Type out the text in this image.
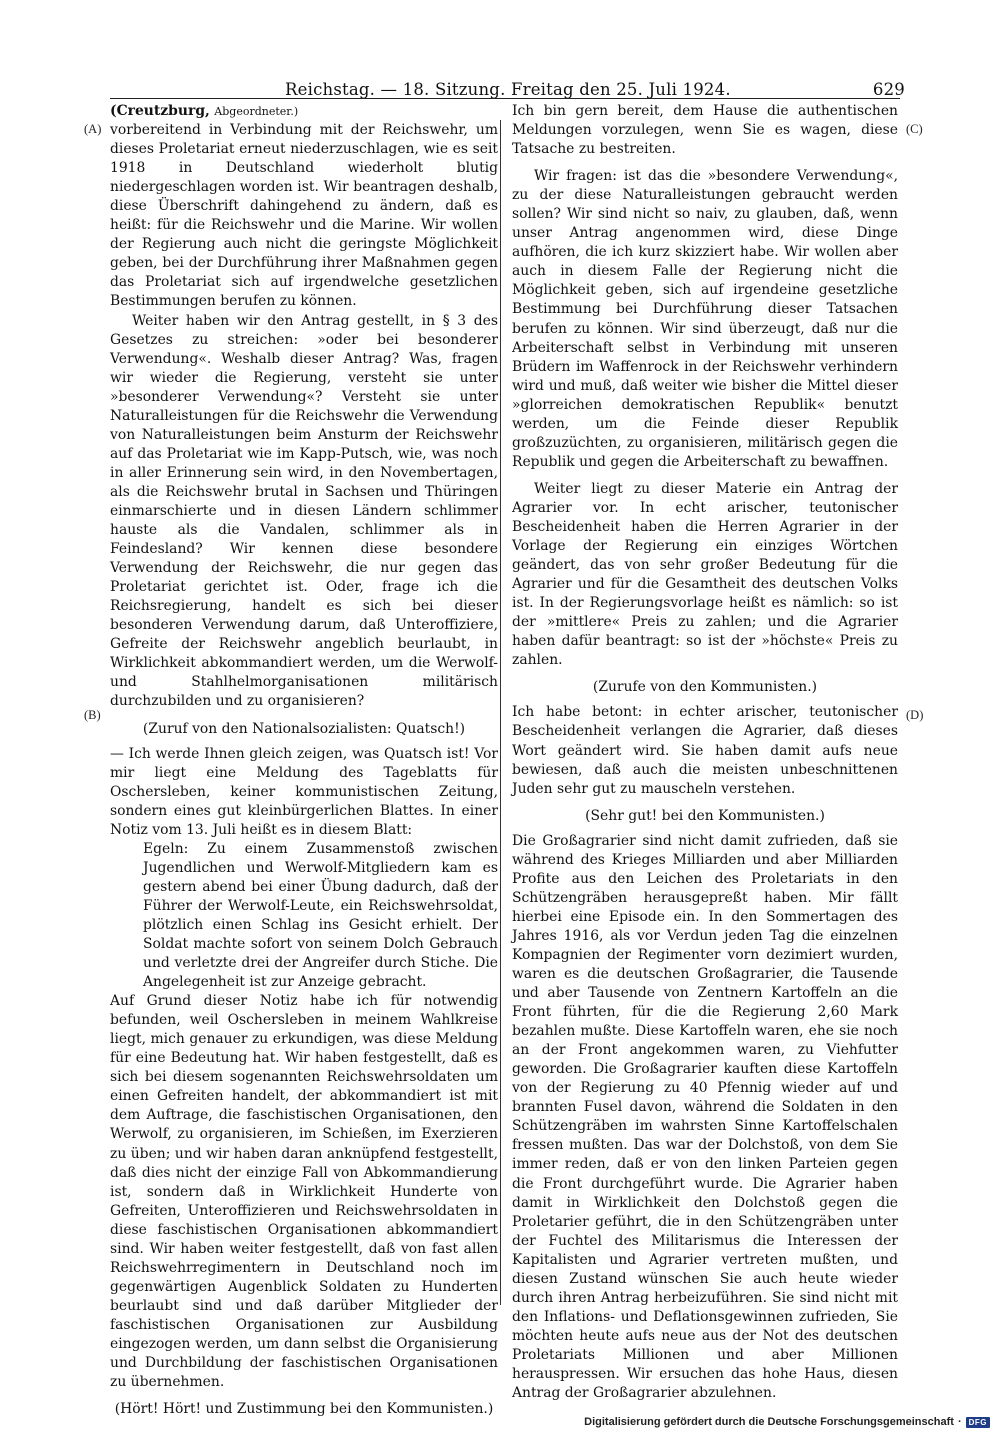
Reichstag. — 18. Sitzung. Freitag den 25. Juli 1924.	629
(A)
(B)
(C)
(D)

(Creutzburg, Abgeordneter.)

vorbereitend in Verbindung mit der Reichswehr, um dieses Proletariat erneut niederzuschlagen, wie es seit 1918 in Deutschland wiederholt blutig niedergeschlagen worden ist. Wir beantragen deshalb, diese Überschrift dahingehend zu ändern, daß es heißt: für die Reichswehr und die Marine. Wir wollen der Regierung auch nicht die geringste Möglichkeit geben, bei der Durchführung ihrer Maßnahmen gegen das Proletariat sich auf irgendwelche gesetzlichen Bestimmungen berufen zu können.

Weiter haben wir den Antrag gestellt, in § 3 des Gesetzes zu streichen: »oder bei besonderer Verwendung«. Weshalb dieser Antrag? Was, fragen wir wieder die Regierung, versteht sie unter »besonderer Verwendung«? Versteht sie unter Naturalleistungen für die Reichswehr die Verwendung von Naturalleistungen beim Ansturm der Reichswehr auf das Proletariat wie im Kapp-Putsch, wie, was noch in aller Erinnerung sein wird, in den Novembertagen, als die Reichswehr brutal in Sachsen und Thüringen einmarschierte und in diesen Ländern schlimmer hauste als die Vandalen, schlimmer als in Feindesland? Wir kennen diese besondere Verwendung der Reichswehr, die nur gegen das Proletariat gerichtet ist. Oder, frage ich die Reichsregierung, handelt es sich bei dieser besonderen Verwendung darum, daß Unteroffiziere, Gefreite der Reichswehr angeblich beurlaubt, in Wirklichkeit abkommandiert werden, um die Werwolf- und Stahlhelmorganisationen militärisch durchzubilden und zu organisieren?

(Zuruf von den Nationalsozialisten: Quatsch!)

— Ich werde Ihnen gleich zeigen, was Quatsch ist! Vor mir liegt eine Meldung des Tageblatts für Oschersleben, keiner kommunistischen Zeitung, sondern eines gut kleinbürgerlichen Blattes. In einer Notiz vom 13. Juli heißt es in diesem Blatt:

Egeln: Zu einem Zusammenstoß zwischen Jugendlichen und Werwolf-Mitgliedern kam es gestern abend bei einer Übung dadurch, daß der Führer der Werwolf-Leute, ein Reichswehrsoldat, plötzlich einen Schlag ins Gesicht erhielt. Der Soldat machte sofort von seinem Dolch Gebrauch und verletzte drei der Angreifer durch Stiche. Die Angelegenheit ist zur Anzeige gebracht.

Auf Grund dieser Notiz habe ich für notwendig befunden, weil Oschersleben in meinem Wahlkreise liegt, mich genauer zu erkundigen, was diese Meldung für eine Bedeutung hat. Wir haben festgestellt, daß es sich bei diesem sogenannten Reichswehrsoldaten um einen Gefreiten handelt, der abkommandiert ist mit dem Auftrage, die faschistischen Organisationen, den Werwolf, zu organisieren, im Schießen, im Exerzieren zu üben; und wir haben daran anknüpfend festgestellt, daß dies nicht der einzige Fall von Abkommandierung ist, sondern daß in Wirklichkeit Hunderte von Gefreiten, Unteroffizieren und Reichswehrsoldaten in diese faschistischen Organisationen abkommandiert sind. Wir haben weiter festgestellt, daß von fast allen Reichswehrregimentern in Deutschland noch im gegenwärtigen Augenblick Soldaten zu Hunderten beurlaubt sind und daß darüber Mitglieder der faschistischen Organisationen zur Ausbildung eingezogen werden, um dann selbst die Organisierung und Durchbildung der faschistischen Organisationen zu übernehmen.

(Hört! Hört! und Zustimmung bei den Kommunisten.)

Ich bin gern bereit, dem Hause die authentischen Meldungen vorzulegen, wenn Sie es wagen, diese Tatsache zu bestreiten.

Wir fragen: ist das die »besondere Verwendung«, zu der diese Naturalleistungen gebraucht werden sollen? Wir sind nicht so naiv, zu glauben, daß, wenn unser Antrag angenommen wird, diese Dinge aufhören, die ich kurz skizziert habe. Wir wollen aber auch in diesem Falle der Regierung nicht die Möglichkeit geben, sich auf irgendeine gesetzliche Bestimmung bei Durchführung dieser Tatsachen berufen zu können. Wir sind überzeugt, daß nur die Arbeiterschaft selbst in Verbindung mit unseren Brüdern im Waffenrock in der Reichswehr verhindern wird und muß, daß weiter wie bisher die Mittel dieser »glorreichen demokratischen Republik« benutzt werden, um die Feinde dieser Republik großzuzüchten, zu organisieren, militärisch gegen die Republik und gegen die Arbeiterschaft zu bewaffnen.

Weiter liegt zu dieser Materie ein Antrag der Agrarier vor. In echt arischer, teutonischer Bescheidenheit haben die Herren Agrarier in der Vorlage der Regierung ein einziges Wörtchen geändert, das von sehr großer Bedeutung für die Agrarier und für die Gesamtheit des deutschen Volks ist. In der Regierungsvorlage heißt es nämlich: so ist der »mittlere« Preis zu zahlen; und die Agrarier haben dafür beantragt: so ist der »höchste« Preis zu zahlen.

(Zurufe von den Kommunisten.)

Ich habe betont: in echter arischer, teutonischer Bescheidenheit verlangen die Agrarier, daß dieses Wort geändert wird. Sie haben damit aufs neue bewiesen, daß auch die meisten unbeschnittenen Juden sehr gut zu mauscheln verstehen.

(Sehr gut! bei den Kommunisten.)

Die Großagrarier sind nicht damit zufrieden, daß sie während des Krieges Milliarden und aber Milliarden Profite aus den Leichen des Proletariats in den Schützengräben herausgepreßt haben. Mir fällt hierbei eine Episode ein. In den Sommertagen des Jahres 1916, als vor Verdun jeden Tag die einzelnen Kompagnien der Regimenter vorn dezimiert wurden, waren es die deutschen Großagrarier, die Tausende und aber Tausende von Zentnern Kartoffeln an die Front führten, für die die Regierung 2,60 Mark bezahlen mußte. Diese Kartoffeln waren, ehe sie noch an der Front angekommen waren, zu Viehfutter geworden. Die Großagrarier kauften diese Kartoffeln von der Regierung zu 40 Pfennig wieder auf und brannten Fusel davon, während die Soldaten in den Schützengräben im wahrsten Sinne Kartoffelschalen fressen mußten. Das war der Dolchstoß, von dem Sie immer reden, daß er von den linken Parteien gegen die Front durchgeführt wurde. Die Agrarier haben damit in Wirklichkeit den Dolchstoß gegen die Proletarier geführt, die in den Schützengräben unter der Fuchtel des Militarismus die Interessen der Kapitalisten und Agrarier vertreten mußten, und diesen Zustand wünschen Sie auch heute wieder durch ihren Antrag herbeizuführen. Sie sind nicht mit den Inflations- und Deflationsgewinnen zufrieden, Sie möchten heute aufs neue aus der Not des deutschen Proletariats Millionen und aber Millionen herauspressen. Wir ersuchen das hohe Haus, diesen Antrag der Großagrarier abzulehnen.

Digitalisierung gefördert durch die Deutsche Forschungsgemeinschaft · DFG
